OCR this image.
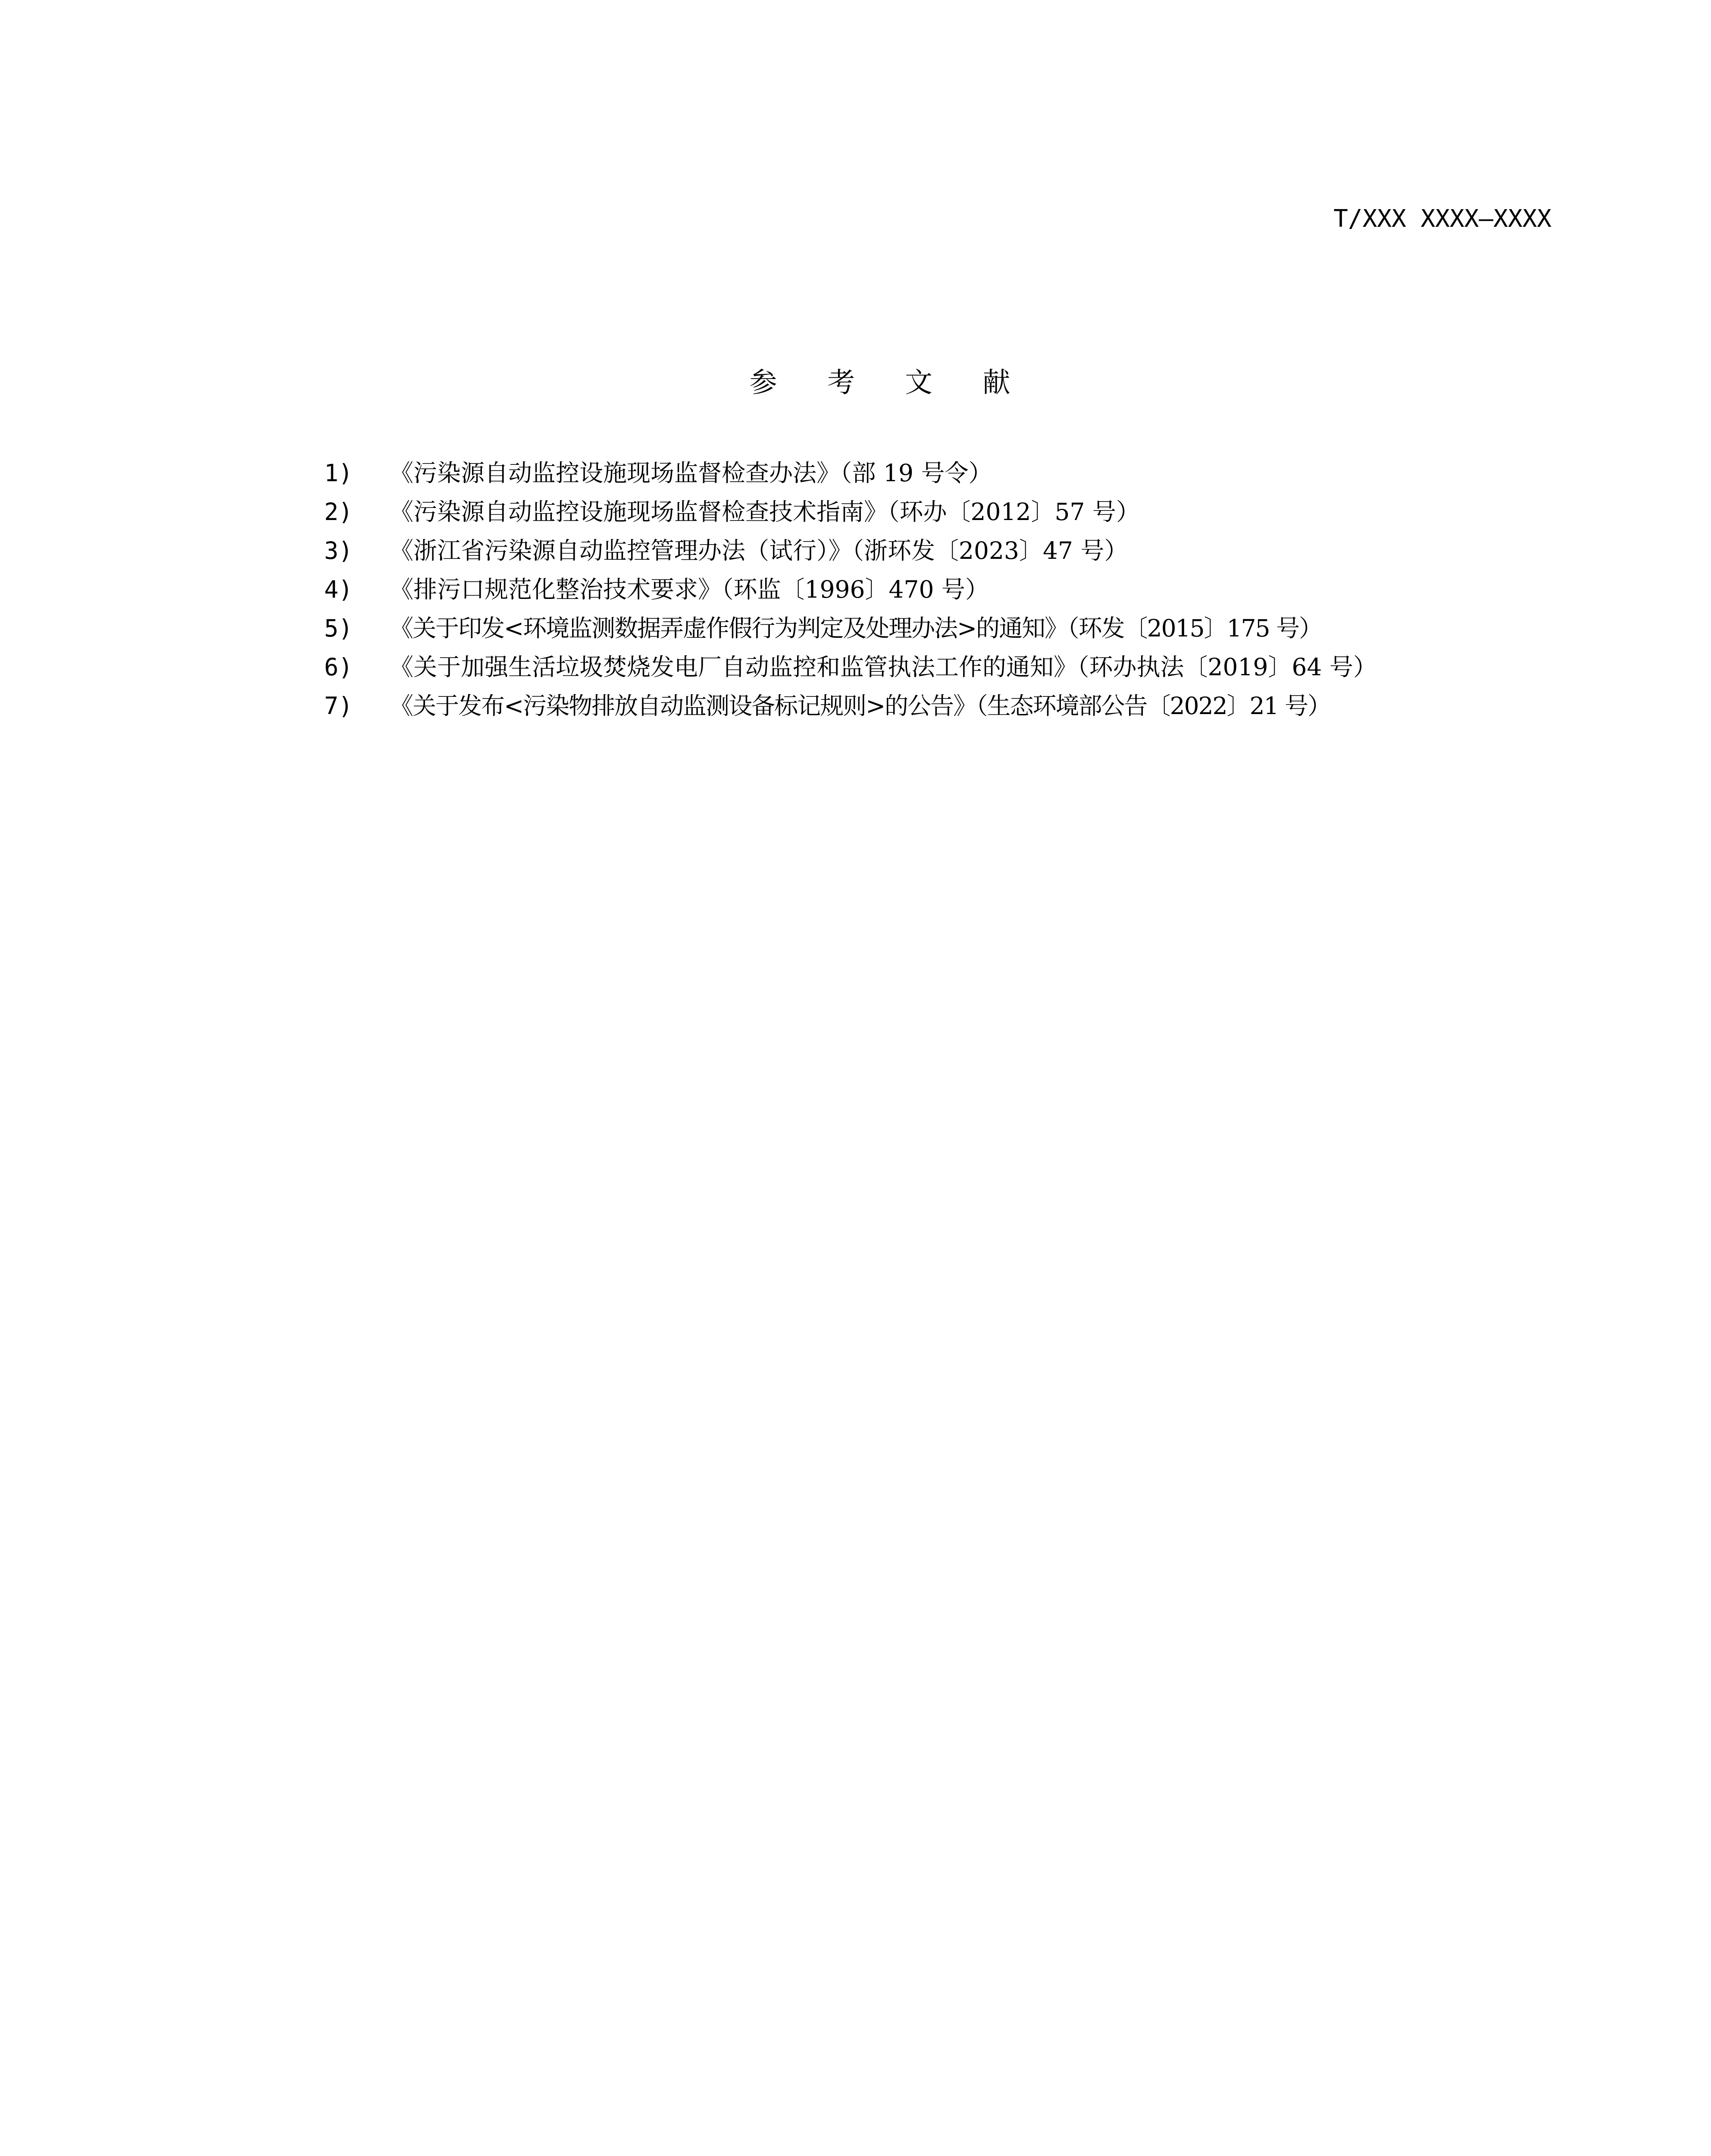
T/XXX XXXX—XXXX
参 考 文 献
1) 《污染源自动监控设施现场监督检查办法》（部 19 号令）
2) 《污染源自动监控设施现场监督检查技术指南》（环办〔2012〕57 号）
3) 《浙江省污染源自动监控管理办法（试行）》（浙环发〔2023〕47 号）
4) 《排污口规范化整治技术要求》（环监〔1996〕470 号）
5) 《关于印发<环境监测数据弄虚作假行为判定及处理办法>的通知》（环发〔2015〕175 号）
6) 《关于加强生活垃圾焚烧发电厂自动监控和监管执法工作的通知》（环办执法〔2019〕64 号）
7) 《关于发布<污染物排放自动监测设备标记规则>的公告》（生态环境部公告〔2022〕21 号）
